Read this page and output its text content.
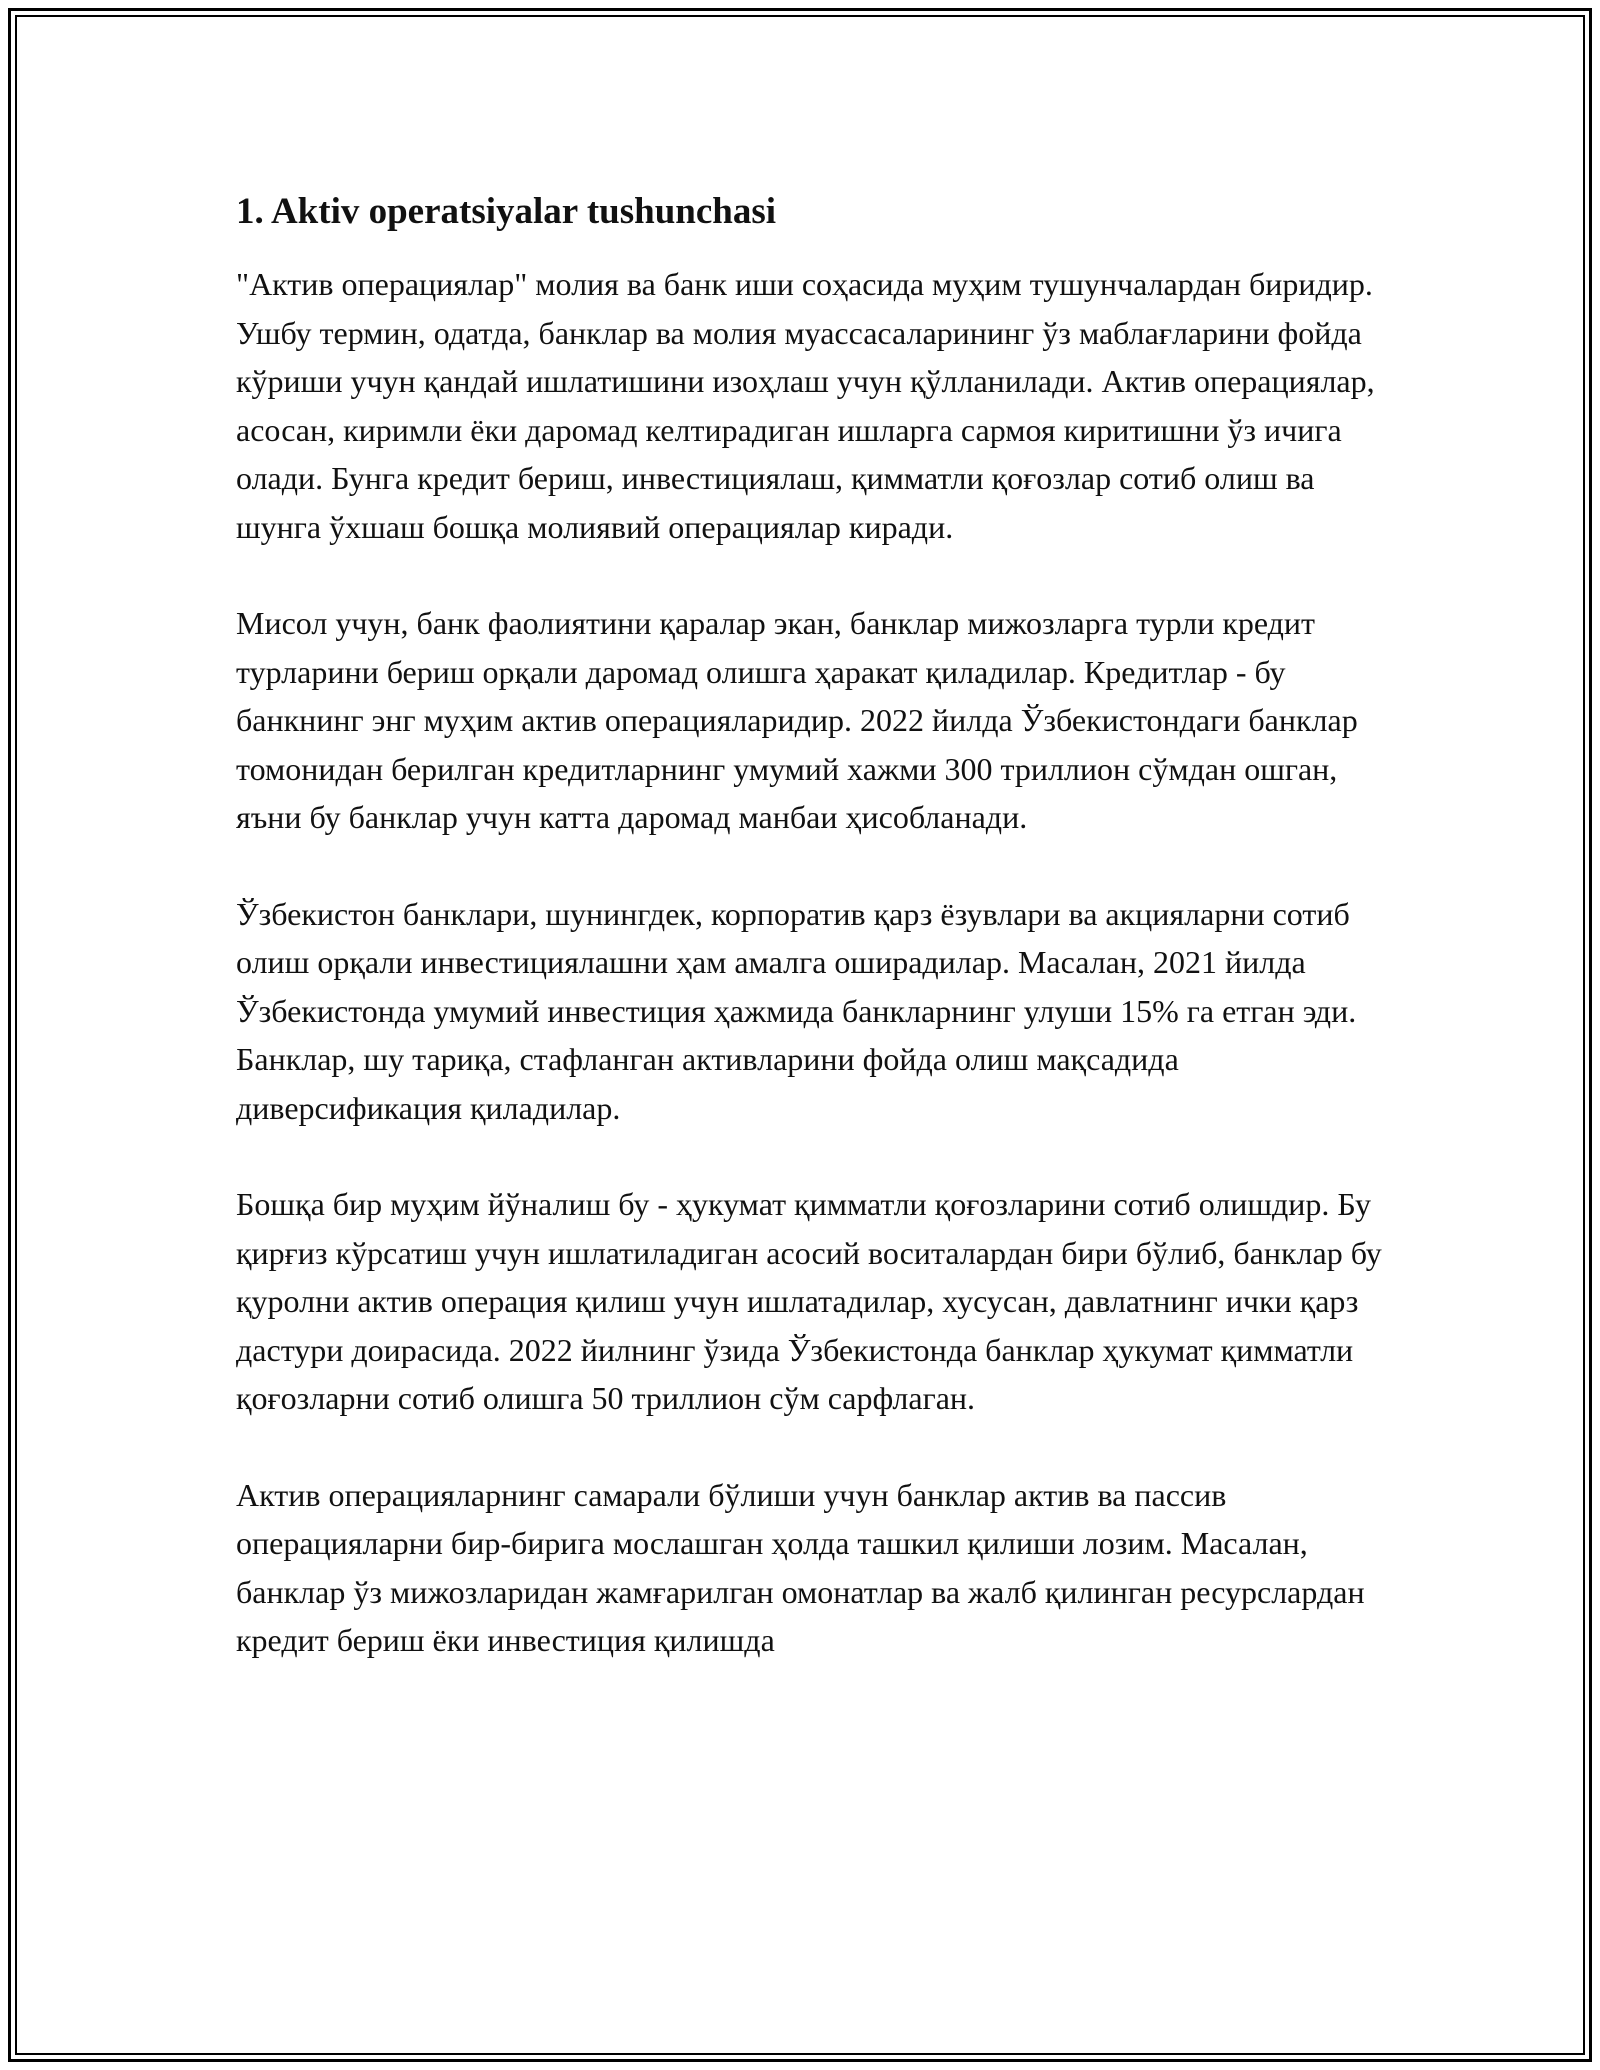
1. Aktiv operatsiyalar tushunchasi

"Актив операциялар" молия ва банк иши соҳасида муҳим тушунчалардан биридир. Ушбу термин, одатда, банклар ва молия муассасаларининг ўз маблағларини фойда кўриши учун қандай ишлатишини изоҳлаш учун қўлланилади. Актив операциялар, асосан, киримли ёки даромад келтирадиган ишларга сармоя киритишни ўз ичига олади. Бунга кредит бериш, инвестициялаш, қимматли қоғозлар сотиб олиш ва шунга ўхшаш бошқа молиявий операциялар киради.

Мисол учун, банк фаолиятини қаралар экан, банклар мижозларга турли кредит турларини бериш орқали даромад олишга ҳаракат қиладилар. Кредитлар - бу банкнинг энг муҳим актив операцияларидир. 2022 йилда Ўзбекистондаги банклар томонидан берилган кредитларнинг умумий хажми 300 триллион сўмдан ошган, яъни бу банклар учун катта даромад манбаи ҳисобланади.

Ўзбекистон банклари, шунингдек, корпоратив қарз ёзувлари ва акцияларни сотиб олиш орқали инвестициялашни ҳам амалга оширадилар. Масалан, 2021 йилда Ўзбекистонда умумий инвестиция ҳажмида банкларнинг улуши 15% га етган эди. Банклар, шу тариқа, стафланган активларини фойда олиш мақсадида диверсификация қиладилар.

Бошқа бир муҳим йўналиш бу - ҳукумат қимматли қоғозларини сотиб олишдир. Бу қирғиз кўрсатиш учун ишлатиладиган асосий воситалардан бири бўлиб, банклар бу қуролни актив операция қилиш учун ишлатадилар, хусусан, давлатнинг ички қарз дастури доирасида. 2022 йилнинг ўзида Ўзбекистонда банклар ҳукумат қимматли қоғозларни сотиб олишга 50 триллион сўм сарфлаган.

Актив операцияларнинг самарали бўлиши учун банклар актив ва пассив операцияларни бир-бирига мослашган ҳолда ташкил қилиши лозим. Масалан, банклар ўз мижозларидан жамғарилган омонатлар ва жалб қилинган ресурслардан кредит бериш ёки инвестиция қилишда
